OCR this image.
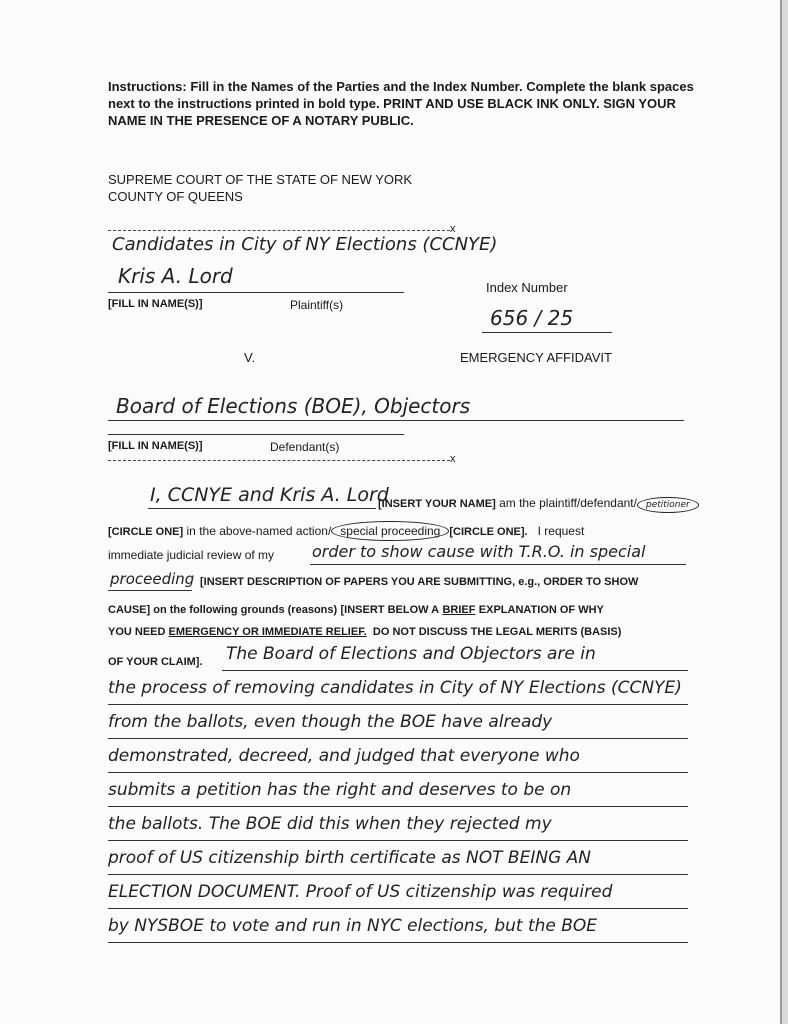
Instructions: Fill in the Names of the Parties and the Index Number. Complete the blank spaces next to the instructions printed in bold type. PRINT AND USE BLACK INK ONLY. SIGN YOUR NAME IN THE PRESENCE OF A NOTARY PUBLIC.
SUPREME COURT OF THE STATE OF NEW YORK
COUNTY OF QUEENS
x
Candidates in City of NY Elections (CCNYE)
Kris A. Lord
[FILL IN NAME(S)]	Plaintiff(s)
Index Number
656 / 25
V.	EMERGENCY AFFIDAVIT
Board of Elections (BOE), Objectors
[FILL IN NAME(S)]	Defendant(s)
x
I, CCNYE and Kris A. Lord
[INSERT YOUR NAME] am the plaintiff/defendant/ petitioner
[CIRCLE ONE] in the above-named action/ special proceeding [CIRCLE ONE]. I request
immediate judicial review of my order to show cause with T.R.O. in special
proceeding [INSERT DESCRIPTION OF PAPERS YOU ARE SUBMITTING, e.g., ORDER TO SHOW
CAUSE] on the following grounds (reasons) [INSERT BELOW A BRIEF EXPLANATION OF WHY
YOU NEED EMERGENCY OR IMMEDIATE RELIEF. DO NOT DISCUSS THE LEGAL MERITS (BASIS)
OF YOUR CLAIM]. The Board of Elections and Objectors are in
the process of removing candidates in City of NY Elections (CCNYE)
from the ballots, even though the BOE have already
demonstrated, decreed, and judged that everyone who
submits a petition has the right and deserves to be on
the ballots. The BOE did this when they rejected my
proof of US citizenship birth certificate as NOT BEING AN
ELECTION DOCUMENT. Proof of US citizenship was required
by NYSBOE to vote and run in NYC elections, but the BOE
